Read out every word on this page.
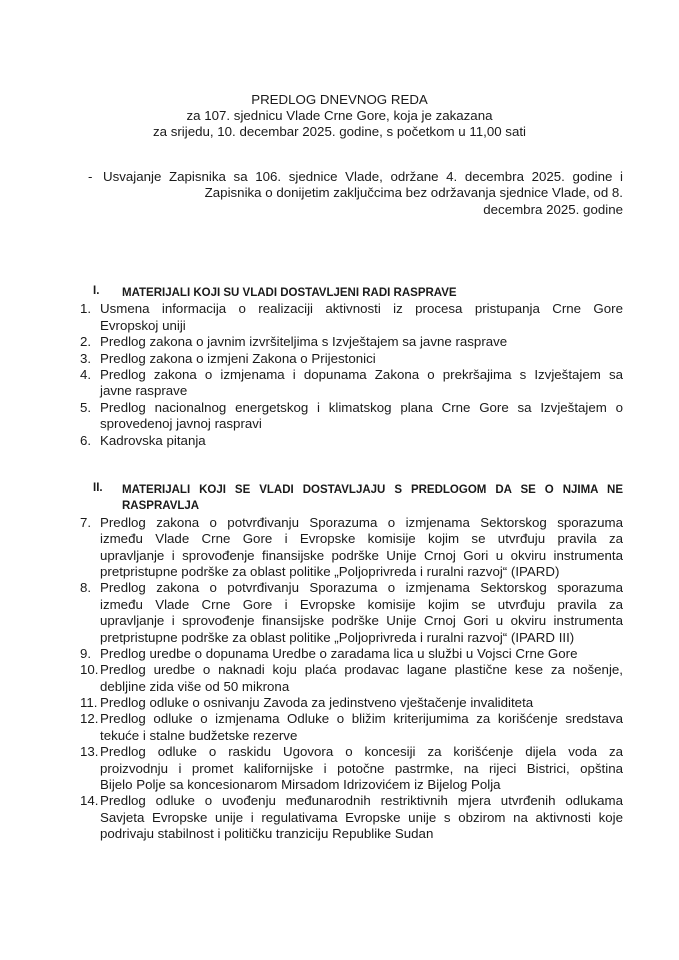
PREDLOG DNEVNOG REDA
za 107. sjednicu Vlade Crne Gore, koja je zakazana
za srijedu, 10. decembar 2025. godine, s početkom u 11,00 sati
- Usvajanje Zapisnika sa 106. sjednice Vlade, održane 4. decembra 2025. godine i
Zapisnika o donijetim zaključcima bez održavanja sjednice Vlade, od 8.
decembra 2025. godine
I. MATERIJALI KOJI SU VLADI DOSTAVLJENI RADI RASPRAVE
1. Usmena informacija o realizaciji aktivnosti iz procesa pristupanja Crne Gore
Evropskoj uniji
2. Predlog zakona o javnim izvršiteljima s Izvještajem sa javne rasprave
3. Predlog zakona o izmjeni Zakona o Prijestonici
4. Predlog zakona o izmjenama i dopunama Zakona o prekršajima s Izvještajem sa
javne rasprave
5. Predlog nacionalnog energetskog i klimatskog plana Crne Gore sa Izvještajem o
sprovedenoj javnoj raspravi
6. Kadrovska pitanja
II. MATERIJALI KOJI SE VLADI DOSTAVLJAJU S PREDLOGOM DA SE O NJIMA NE
RASPRAVLJA
7. Predlog zakona o potvrđivanju Sporazuma o izmjenama Sektorskog sporazuma
između Vlade Crne Gore i Evropske komisije kojim se utvrđuju pravila za
upravljanje i sprovođenje finansijske podrške Unije Crnoj Gori u okviru instrumenta
pretpristupne podrške za oblast politike „Poljoprivreda i ruralni razvoj“ (IPARD)
8. Predlog zakona o potvrđivanju Sporazuma o izmjenama Sektorskog sporazuma
između Vlade Crne Gore i Evropske komisije kojim se utvrđuju pravila za
upravljanje i sprovođenje finansijske podrške Unije Crnoj Gori u okviru instrumenta
pretpristupne podrške za oblast politike „Poljoprivreda i ruralni razvoj“ (IPARD III)
9. Predlog uredbe o dopunama Uredbe o zaradama lica u službi u Vojsci Crne Gore
10. Predlog uredbe o naknadi koju plaća prodavac lagane plastične kese za nošenje,
debljine zida više od 50 mikrona
11. Predlog odluke o osnivanju Zavoda za jedinstveno vještačenje invaliditeta
12. Predlog odluke o izmjenama Odluke o bližim kriterijumima za korišćenje sredstava
tekuće i stalne budžetske rezerve
13. Predlog odluke o raskidu Ugovora o koncesiji za korišćenje dijela voda za
proizvodnju i promet kalifornijske i potočne pastrmke, na rijeci Bistrici, opština
Bijelo Polje sa koncesionarom Mirsadom Idrizovićem iz Bijelog Polja
14. Predlog odluke o uvođenju međunarodnih restriktivnih mjera utvrđenih odlukama
Savjeta Evropske unije i regulativama Evropske unije s obzirom na aktivnosti koje
podrivaju stabilnost i političku tranziciju Republike Sudan
